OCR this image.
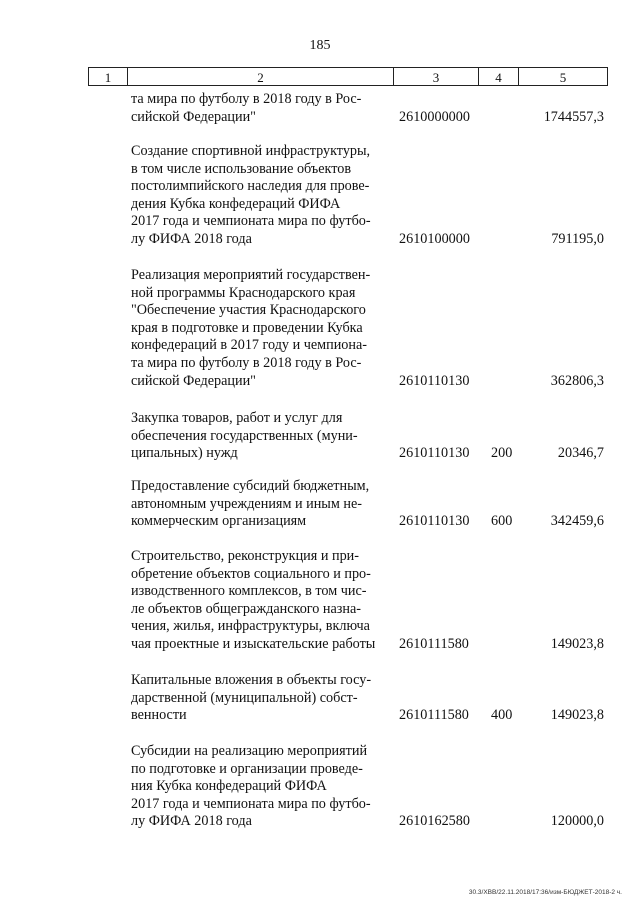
185
1	2	3	4	5
та мира по футболу в 2018 году в Рос-
сийской Федерации"	2610000000	1744557,3
Создание спортивной инфраструктуры,
в том числе использование объектов
постолимпийского наследия для прове-
дения Кубка конфедераций ФИФА
2017 года и чемпионата мира по футбо-
лу ФИФА 2018 года	2610100000	791195,0
Реализация мероприятий государствен-
ной программы Краснодарского края
"Обеспечение участия Краснодарского
края в подготовке и проведении Кубка
конфедераций в 2017 году и чемпиона-
та мира по футболу в 2018 году в Рос-
сийской Федерации"	2610110130	362806,3
Закупка товаров, работ и услуг для
обеспечения государственных (муни-
ципальных) нужд	2610110130 200	20346,7
Предоставление субсидий бюджетным,
автономным учреждениям и иным не-
коммерческим организациям	2610110130 600	342459,6
Строительство, реконструкция и при-
обретение объектов социального и про-
изводственного комплексов, в том чис-
ле объектов общегражданского назна-
чения, жилья, инфраструктуры, включа
чая проектные и изыскательские работы	2610111580	149023,8
Капитальные вложения в объекты госу-
дарственной (муниципальной) собст-
венности	2610111580 400	149023,8
Субсидии на реализацию мероприятий
по подготовке и организации проведе-
ния Кубка конфедераций ФИФА
2017 года и чемпионата мира по футбо-
лу ФИФА 2018 года	2610162580	120000,0
30.3/ХВВ/22.11.2018/17:36/изм-БЮДЖЕТ-2018-2 ч.
